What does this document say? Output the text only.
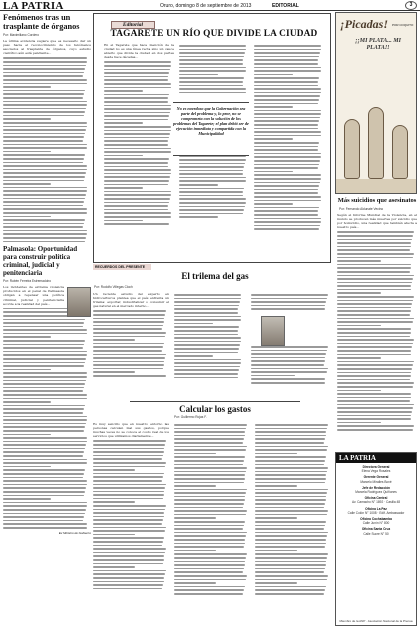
LA PATRIA	Oruro, domingo 8 de septiembre de 2013	EDITORIAL	3
Fenómenos tras un trasplante de órganos
Por: Maximiliano Cordero
La última evidencia sugiere que es necesario dar un paso hacia el reconocimiento de los fenómenos asociados al trasplante de órganos, cuyo estudio científico aún está pendiente...
Palmasola: Oportunidad para construir política criminal, judicial y penitenciaria
Por: Rubén Ferreira Estremadoiro
Los incidentes de extrema violencia producidos en el penal de Palmasola obligan a repensar una política criminal, judicial y penitenciaria acorde a la realidad del país...
Ex Ministro de Gobierno
Editorial
TAGARETE UN RÍO QUE DIVIDE LA CIUDAD
En el Tagarete que hace mención de la ciudad no es una línea recta sino un cauce abierto que divide la ciudad en dos partes desde hace décadas...
No es novedoso que la Gobernación sea parte del problema y, lo peor, no se comprometa con la solución de los problemas del Tagarete; el plan debió ser de ejecución inmediata y compartida con la Municipalidad
RECUERDOS DEL PRESENTE
El trilema del gas
Por: Rodolfo Villegas Cloch
Un reciente estudio del experto en hidrocarburos plantea que el país enfrenta un trilema: exportar, industrializar o consumir el gas natural en el mercado interno...
Calcular los gastos
Por: Guillermo Rojas F.
Es muy sencillo que en nuestro entorno las personas calculen mal sus gastos, porque muchas veces no se conoce el costo real de los servicios que utilizamos diariamente...
¡Picadas! POR COQUITO
¡¡MI PLATA... MI PLATA!!
Más suicidios que asesinatos
Por: Fernando Aldunate Vecino
Según el Informe Mundial de la Violencia, en el mundo se producen más muertes por suicidio que por homicidio, una realidad que también afecta a nuestro país...
LA PATRIA
Directora General
Elena Vega Rosales
Gerente General
Marcelo Miralles Bové
Jefe de Redacción
Marcela Rodríguez Quiñones
Oficina Central
Av. Camacho N° 1892 · Casilla 48
Oficina La Paz
Calle Colón N° 1008 · Edif. Ambassador
Oficina Cochabamba
Calle Junín N° 800
Oficina Santa Cruz
Calle Sucre N° 50
Miembro de la ANP · Asociación Nacional de la Prensa
